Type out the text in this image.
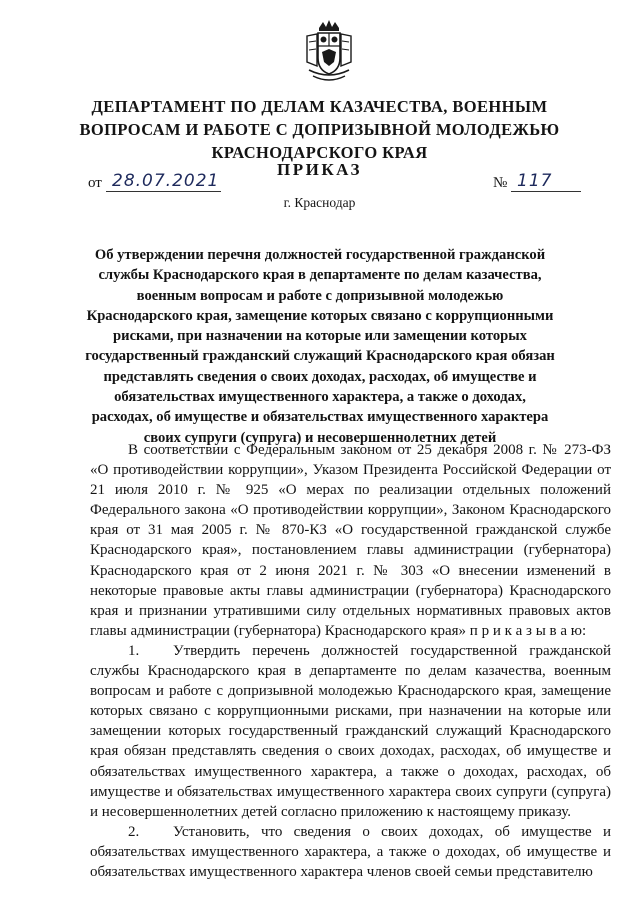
ДЕПАРТАМЕНТ ПО ДЕЛАМ КАЗАЧЕСТВА, ВОЕННЫМ ВОПРОСАМ И РАБОТЕ С ДОПРИЗЫВНОЙ МОЛОДЕЖЬЮ КРАСНОДАРСКОГО КРАЯ
ПРИКАЗ
от 28.07.2021	№ 117
г. Краснодар
Об утверждении перечня должностей государственной гражданской службы Краснодарского края в департаменте по делам казачества, военным вопросам и работе с допризывной молодежью Краснодарского края, замещение которых связано с коррупционными рисками, при назначении на которые или замещении которых государственный гражданский служащий Краснодарского края обязан представлять сведения о своих доходах, расходах, об имуществе и обязательствах имущественного характера, а также о доходах, расходах, об имуществе и обязательствах имущественного характера своих супруги (супруга) и несовершеннолетних детей

В соответствии с Федеральным законом от 25 декабря 2008 г. № 273-ФЗ «О противодействии коррупции», Указом Президента Российской Федерации от 21 июля 2010 г. № 925 «О мерах по реализации отдельных положений Федерального закона «О противодействии коррупции», Законом Краснодарского края от 31 мая 2005 г. № 870-КЗ «О государственной гражданской службе Краснодарского края», постановлением главы администрации (губернатора) Краснодарского края от 2 июня 2021 г. № 303 «О внесении изменений в некоторые правовые акты главы администрации (губернатора) Краснодарского края и признании утратившими силу отдельных нормативных правовых актов главы администрации (губернатора) Краснодарского края» п р и к а з ы в а ю:

1. Утвердить перечень должностей государственной гражданской службы Краснодарского края в департаменте по делам казачества, военным вопросам и работе с допризывной молодежью Краснодарского края, замещение которых связано с коррупционными рисками, при назначении на которые или замещении которых государственный гражданский служащий Краснодарского края обязан представлять сведения о своих доходах, расходах, об имуществе и обязательствах имущественного характера, а также о доходах, расходах, об имуществе и обязательствах имущественного характера своих супруги (супруга) и несовершеннолетних детей согласно приложению к настоящему приказу.

2. Установить, что сведения о своих доходах, об имуществе и обязательствах имущественного характера, а также о доходах, об имуществе и обязательствах имущественного характера членов своей семьи представителю
